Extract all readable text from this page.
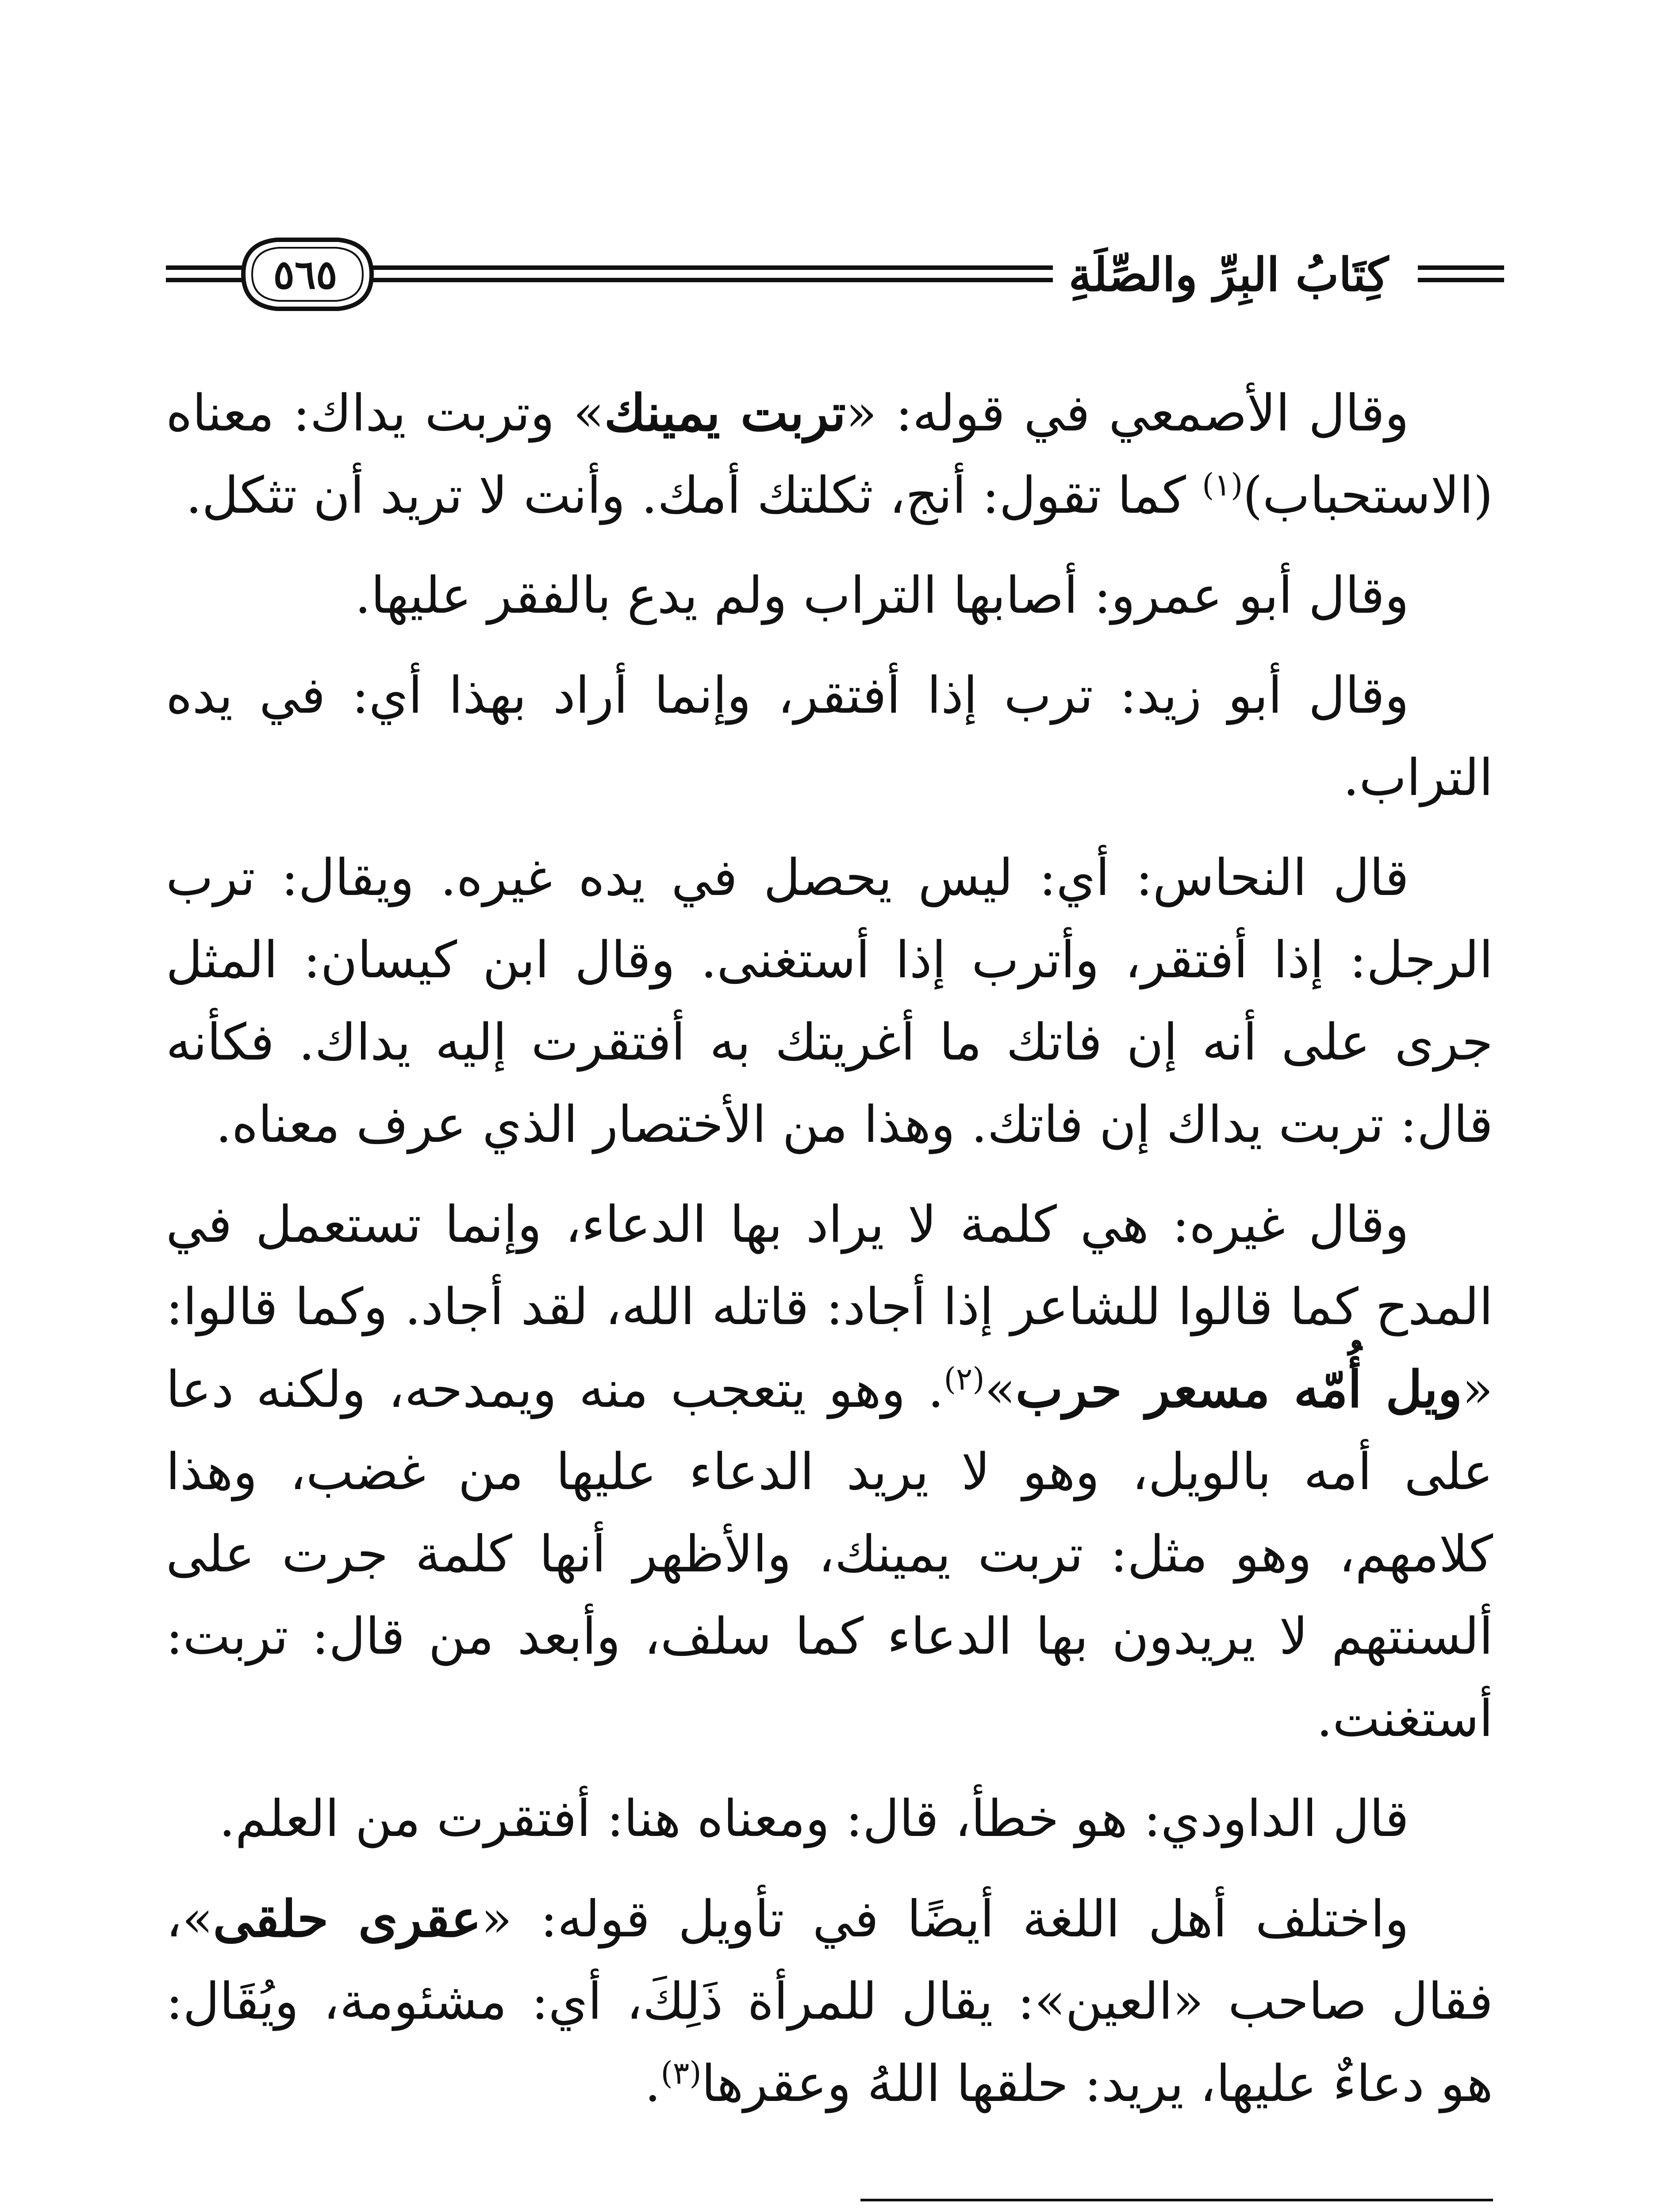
كِتَابُ البِرِّ والصِّلَةِ
٥٦٥

وقال الأصمعي في قوله: «تربت يمينك» وتربت يداك: معناه (الاستحباب)$^{(١)}$ كما تقول: أنج، ثكلتك أمك. وأنت لا تريد أن تثكل.

وقال أبو عمرو: أصابها التراب ولم يدع بالفقر عليها.

وقال أبو زيد: ترب إذا أفتقر، وإنما أراد بهذا أي: في يده التراب.

قال النحاس: أي: ليس يحصل في يده غيره. ويقال: ترب الرجل: إذا أفتقر، وأترب إذا أستغنى. وقال ابن كيسان: المثل جرى على أنه إن فاتك ما أغريتك به أفتقرت إليه يداك. فكأنه قال: تربت يداك إن فاتك. وهذا من الأختصار الذي عرف معناه.

وقال غيره: هي كلمة لا يراد بها الدعاء، وإنما تستعمل في المدح كما قالوا للشاعر إذا أجاد: قاتله الله، لقد أجاد. وكما قالوا: «ويل أُمّه مسعر حرب»$^{(٢)}$. وهو يتعجب منه ويمدحه، ولكنه دعا على أمه بالويل، وهو لا يريد الدعاء عليها من غضب، وهذا كلامهم، وهو مثل: تربت يمينك، والأظهر أنها كلمة جرت على ألسنتهم لا يريدون بها الدعاء كما سلف، وأبعد من قال: تربت: أستغنت.

قال الداودي: هو خطأ، قال: ومعناه هنا: أفتقرت من العلم.

واختلف أهل اللغة أيضًا في تأويل قوله: «عقرى حلقى»، فقال صاحب «العين»: يقال للمرأة ذَلِكَ، أي: مشئومة، ويُقَال: هو دعاءٌ عليها، يريد: حلقها اللهُ وعقرها$^{(٣)}$.
